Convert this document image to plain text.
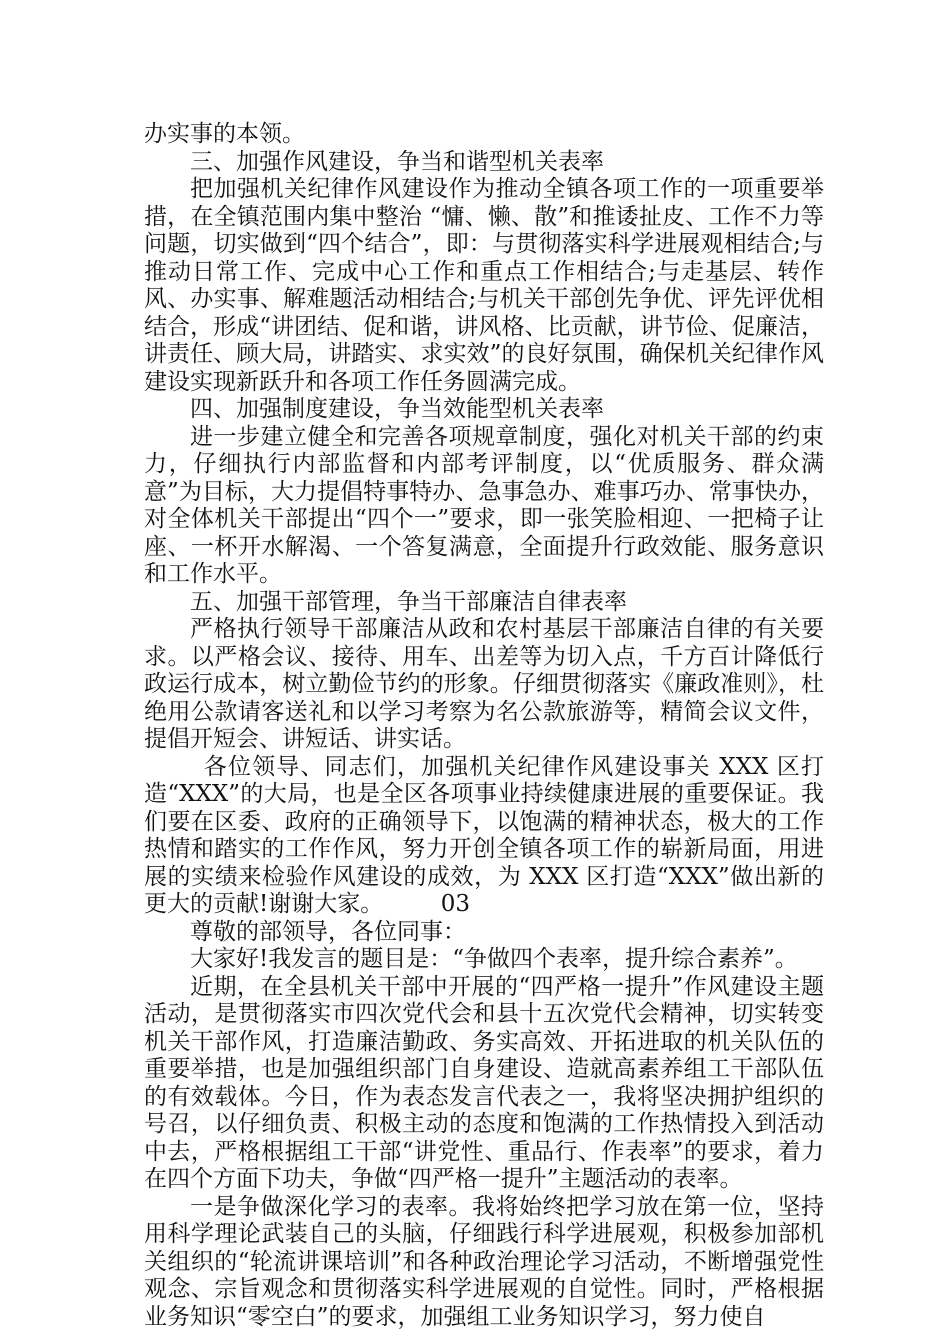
办实事的本领。

三、加强作风建设，争当和谐型机关表率

把加强机关纪律作风建设作为推动全镇各项工作的一项重要举措，在全镇范围内集中整治 “慵、懒、散”和推诿扯皮、工作不力等问题，切实做到“四个结合”，即：与贯彻落实科学进展观相结合;与推动日常工作、完成中心工作和重点工作相结合;与走基层、转作风、办实事、解难题活动相结合;与机关干部创先争优、评先评优相结合，形成“讲团结、促和谐，讲风格、比贡献，讲节俭、促廉洁，讲责任、顾大局，讲踏实、求实效”的良好氛围，确保机关纪律作风建设实现新跃升和各项工作任务圆满完成。

四、加强制度建设，争当效能型机关表率

进一步建立健全和完善各项规章制度，强化对机关干部的约束力，仔细执行内部监督和内部考评制度，以“优质服务、群众满意”为目标，大力提倡特事特办、急事急办、难事巧办、常事快办，对全体机关干部提出“四个一”要求，即一张笑脸相迎、一把椅子让座、一杯开水解渴、一个答复满意，全面提升行政效能、服务意识和工作水平。

五、加强干部管理，争当干部廉洁自律表率

严格执行领导干部廉洁从政和农村基层干部廉洁自律的有关要求。以严格会议、接待、用车、出差等为切入点，千方百计降低行政运行成本，树立勤俭节约的形象。仔细贯彻落实《廉政准则》，杜绝用公款请客送礼和以学习考察为名公款旅游等，精简会议文件，提倡开短会、讲短话、讲实话。

各位领导、同志们，加强机关纪律作风建设事关 XXX 区打造“XXX”的大局，也是全区各项事业持续健康进展的重要保证。我们要在区委、政府的正确领导下，以饱满的精神状态，极大的工作热情和踏实的工作作风，努力开创全镇各项工作的崭新局面，用进展的实绩来检验作风建设的成效，为 XXX 区打造“XXX”做出新的更大的贡献!谢谢大家。　　　03

尊敬的部领导，各位同事：

大家好!我发言的题目是：“争做四个表率，提升综合素养”。

近期，在全县机关干部中开展的“四严格一提升”作风建设主题活动，是贯彻落实市四次党代会和县十五次党代会精神，切实转变机关干部作风，打造廉洁勤政、务实高效、开拓进取的机关队伍的重要举措，也是加强组织部门自身建设、造就高素养组工干部队伍的有效载体。今日，作为表态发言代表之一，我将坚决拥护组织的号召，以仔细负责、积极主动的态度和饱满的工作热情投入到活动中去，严格根据组工干部“讲党性、重品行、作表率”的要求，着力在四个方面下功夫，争做“四严格一提升”主题活动的表率。

一是争做深化学习的表率。我将始终把学习放在第一位，坚持用科学理论武装自己的头脑，仔细践行科学进展观，积极参加部机关组织的“轮流讲课培训”和各种政治理论学习活动，不断增强党性观念、宗旨观念和贯彻落实科学进展观的自觉性。同时，严格根据业务知识“零空白”的要求，加强组工业务知识学习，努力使自
